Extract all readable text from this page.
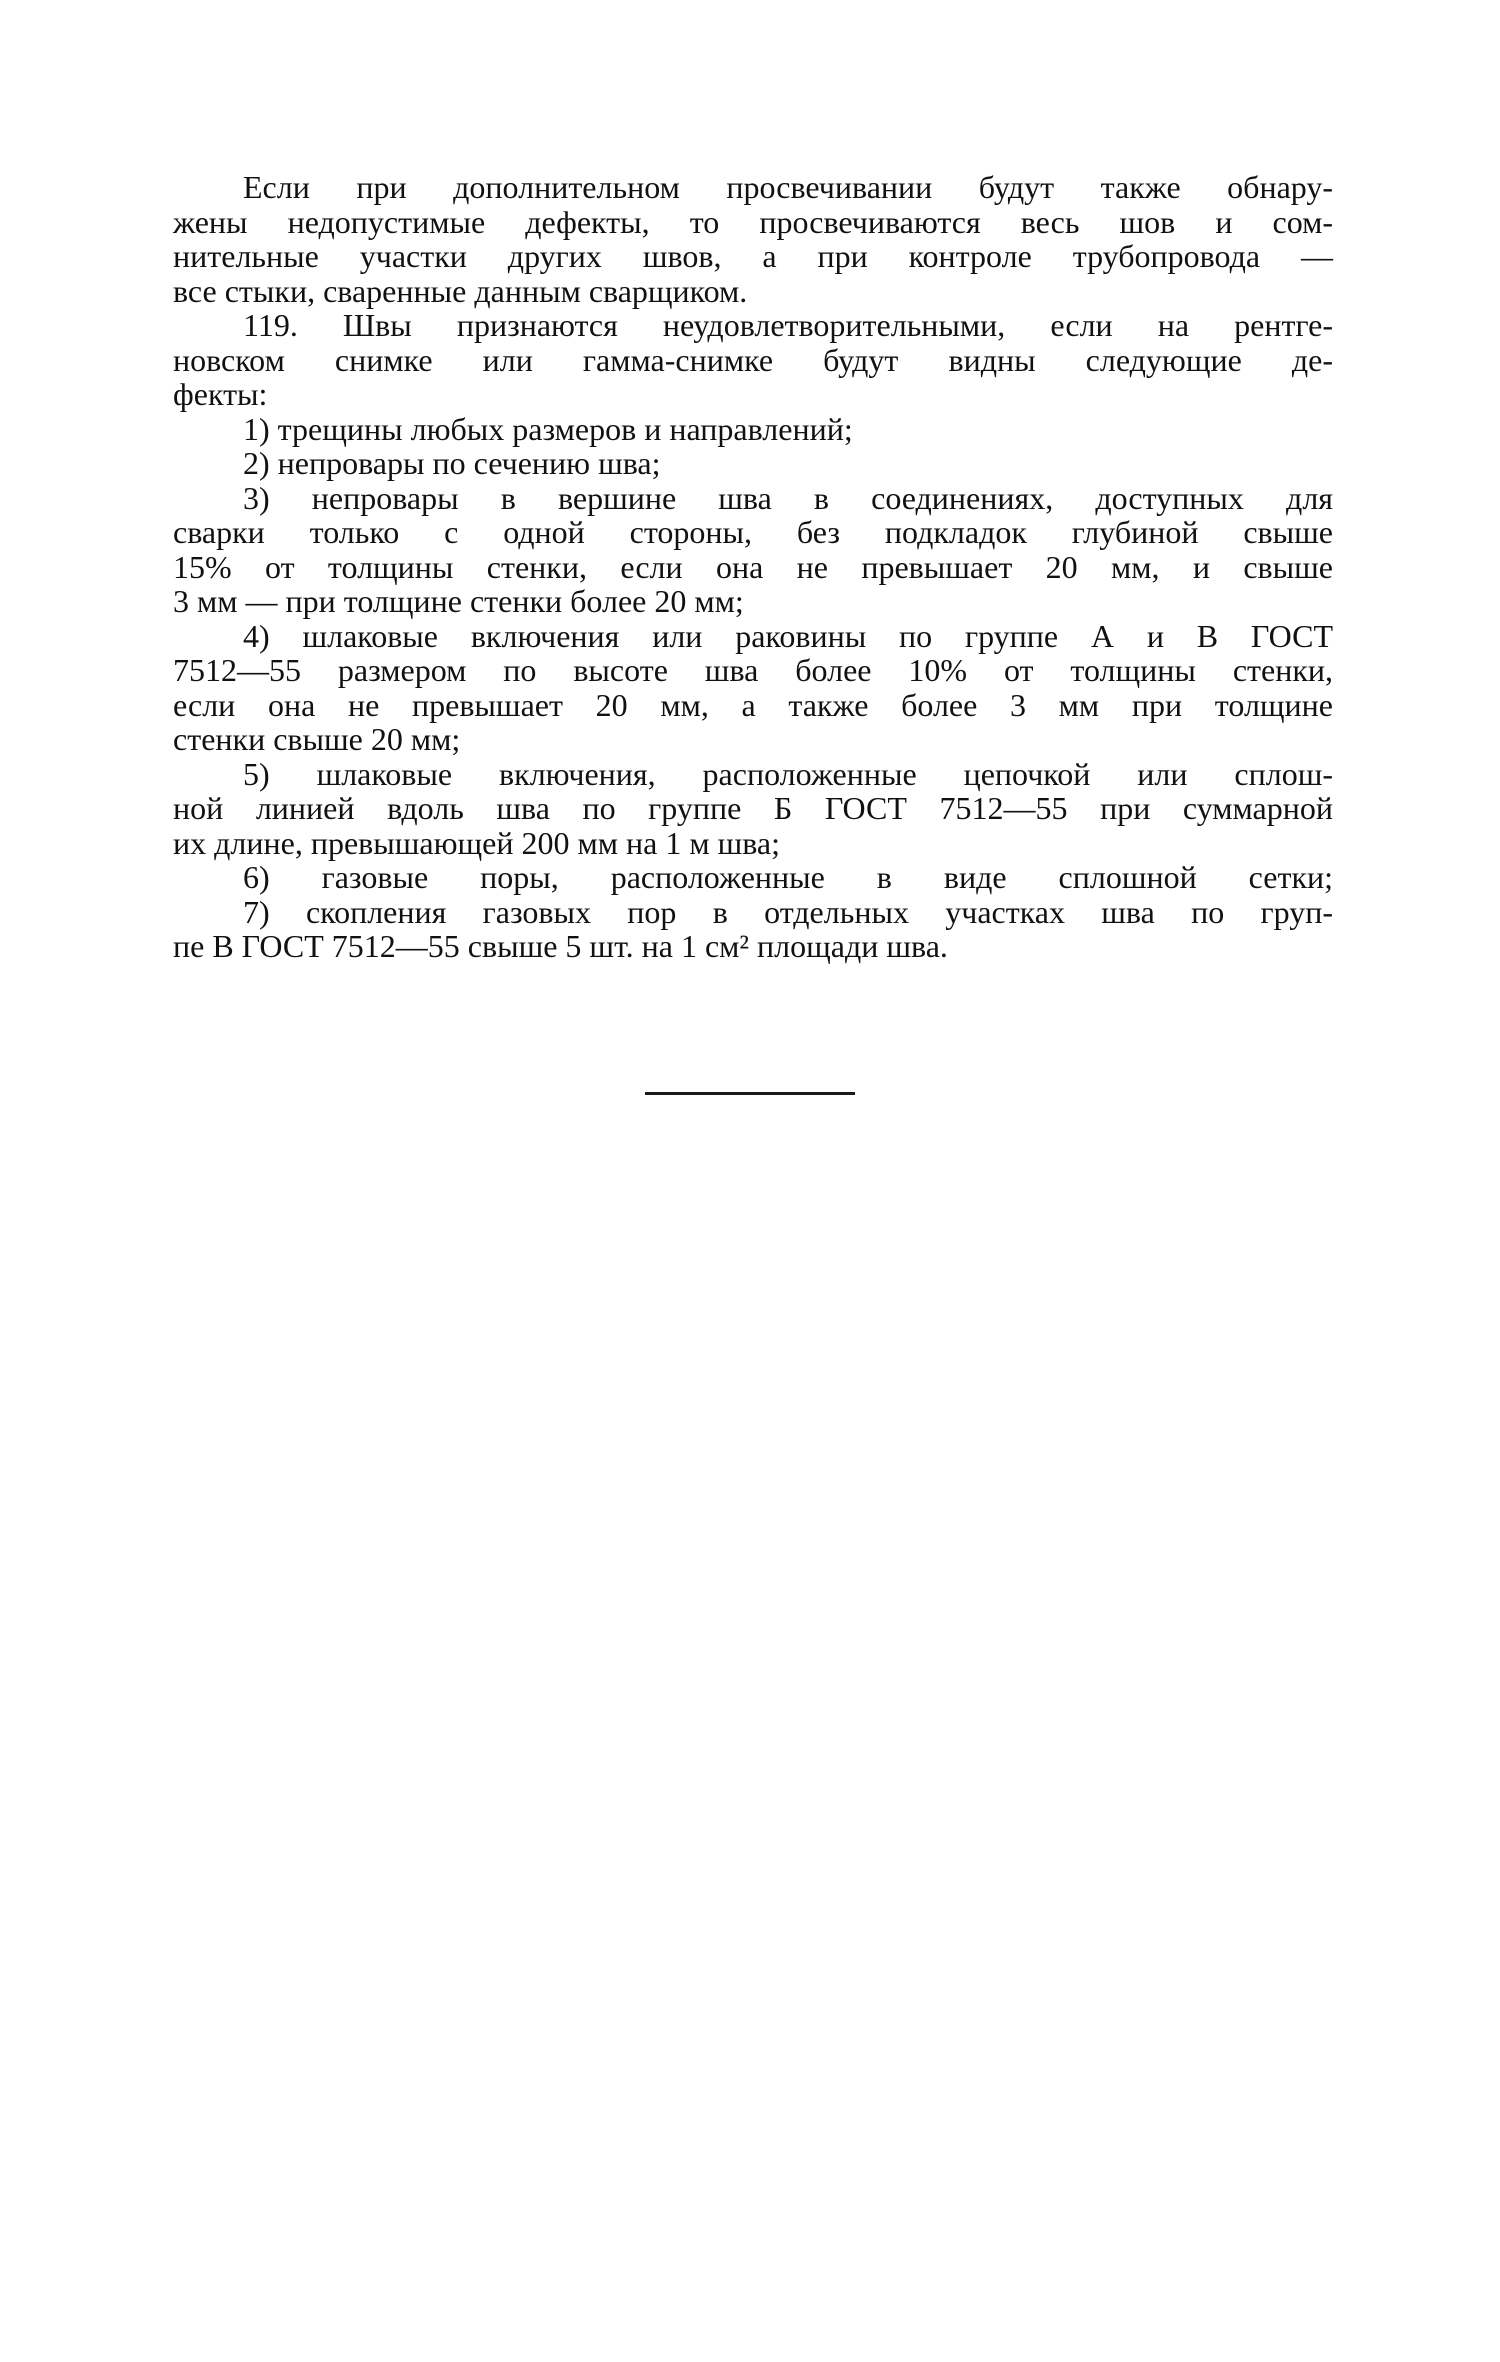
Если при дополнительном просвечивании будут также обнару-
жены недопустимые дефекты, то просвечиваются весь шов и сом-
нительные участки других швов, а при контроле трубопровода —
все стыки, сваренные данным сварщиком.
119. Швы признаются неудовлетворительными, если на рентге-
новском снимке или гамма-снимке будут видны следующие де-
фекты:
1) трещины любых размеров и направлений;
2) непровары по сечению шва;
3) непровары в вершине шва в соединениях, доступных для
сварки только с одной стороны, без подкладок глубиной свыше
15% от толщины стенки, если она не превышает 20 мм, и свыше
3 мм — при толщине стенки более 20 мм;
4) шлаковые включения или раковины по группе А и В ГОСТ
7512—55 размером по высоте шва более 10% от толщины стенки,
если она не превышает 20 мм, а также более 3 мм при толщине
стенки свыше 20 мм;
5) шлаковые включения, расположенные цепочкой или сплош-
ной линией вдоль шва по группе Б ГОСТ 7512—55 при суммарной
их длине, превышающей 200 мм на 1 м шва;
6) газовые поры, расположенные в виде сплошной сетки;
7) скопления газовых пор в отдельных участках шва по груп-
пе В ГОСТ 7512—55 свыше 5 шт. на 1 см² площади шва.
